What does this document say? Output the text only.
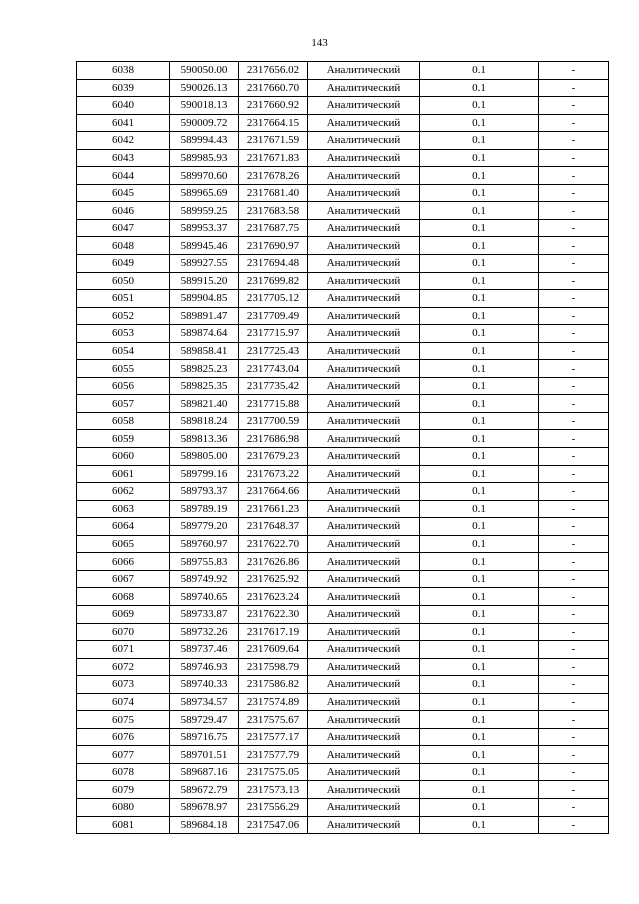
143
6038	590050.00	2317656.02	Аналитический	0.1	-
6039	590026.13	2317660.70	Аналитический	0.1	-
6040	590018.13	2317660.92	Аналитический	0.1	-
6041	590009.72	2317664.15	Аналитический	0.1	-
6042	589994.43	2317671.59	Аналитический	0.1	-
6043	589985.93	2317671.83	Аналитический	0.1	-
6044	589970.60	2317678.26	Аналитический	0.1	-
6045	589965.69	2317681.40	Аналитический	0.1	-
6046	589959.25	2317683.58	Аналитический	0.1	-
6047	589953.37	2317687.75	Аналитический	0.1	-
6048	589945.46	2317690.97	Аналитический	0.1	-
6049	589927.55	2317694.48	Аналитический	0.1	-
6050	589915.20	2317699.82	Аналитический	0.1	-
6051	589904.85	2317705.12	Аналитический	0.1	-
6052	589891.47	2317709.49	Аналитический	0.1	-
6053	589874.64	2317715.97	Аналитический	0.1	-
6054	589858.41	2317725.43	Аналитический	0.1	-
6055	589825.23	2317743.04	Аналитический	0.1	-
6056	589825.35	2317735.42	Аналитический	0.1	-
6057	589821.40	2317715.88	Аналитический	0.1	-
6058	589818.24	2317700.59	Аналитический	0.1	-
6059	589813.36	2317686.98	Аналитический	0.1	-
6060	589805.00	2317679.23	Аналитический	0.1	-
6061	589799.16	2317673.22	Аналитический	0.1	-
6062	589793.37	2317664.66	Аналитический	0.1	-
6063	589789.19	2317661.23	Аналитический	0.1	-
6064	589779.20	2317648.37	Аналитический	0.1	-
6065	589760.97	2317622.70	Аналитический	0.1	-
6066	589755.83	2317626.86	Аналитический	0.1	-
6067	589749.92	2317625.92	Аналитический	0.1	-
6068	589740.65	2317623.24	Аналитический	0.1	-
6069	589733.87	2317622.30	Аналитический	0.1	-
6070	589732.26	2317617.19	Аналитический	0.1	-
6071	589737.46	2317609.64	Аналитический	0.1	-
6072	589746.93	2317598.79	Аналитический	0.1	-
6073	589740.33	2317586.82	Аналитический	0.1	-
6074	589734.57	2317574.89	Аналитический	0.1	-
6075	589729.47	2317575.67	Аналитический	0.1	-
6076	589716.75	2317577.17	Аналитический	0.1	-
6077	589701.51	2317577.79	Аналитический	0.1	-
6078	589687.16	2317575.05	Аналитический	0.1	-
6079	589672.79	2317573.13	Аналитический	0.1	-
6080	589678.97	2317556.29	Аналитический	0.1	-
6081	589684.18	2317547.06	Аналитический	0.1	-
